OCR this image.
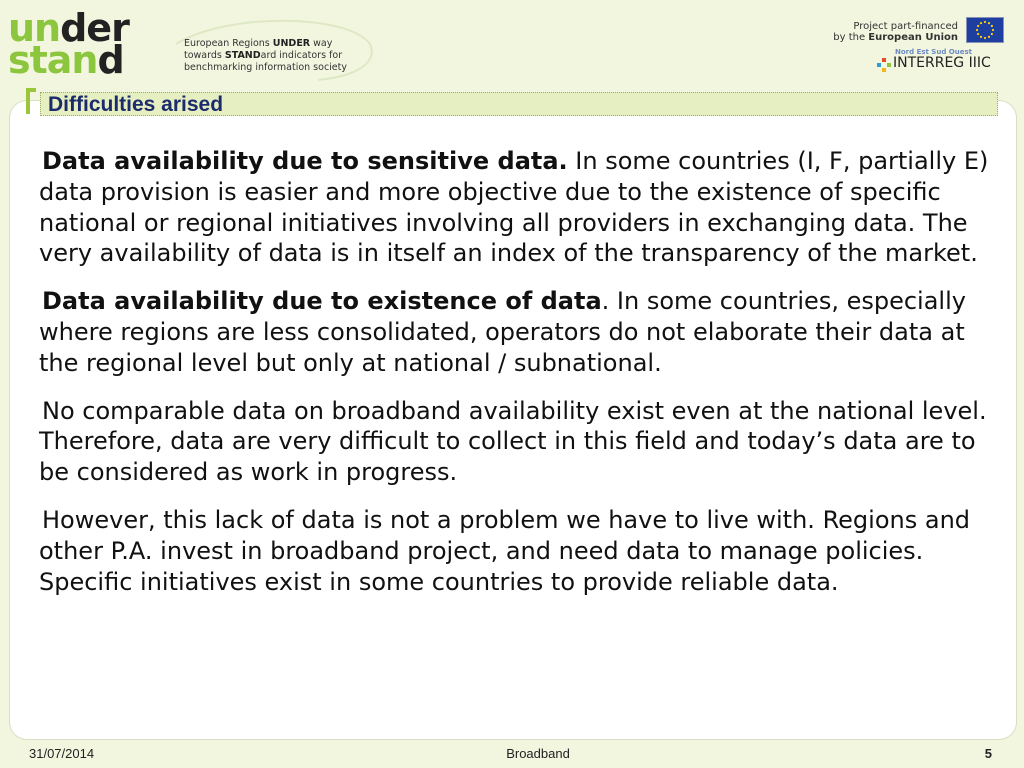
under
stand	European Regions UNDER way
towards STANDard indicators for
benchmarking information society
Project part-financed
by the European Union
Nord Est Sud Ouest
INTERREG IIIC
Difficulties arised

Data availability due to sensitive data. In some countries (I, F, partially E) data provision is easier and more objective due to the existence of specific national or regional initiatives involving all providers in exchanging data. The very availability of data is in itself an index of the transparency of the market.

Data availability due to existence of data. In some countries, especially where regions are less consolidated, operators do not elaborate their data at the regional level but only at national / subnational.

No comparable data on broadband availability exist even at the national level. Therefore, data are very difficult to collect in this field and today’s data are to be considered as work in progress.

However, this lack of data is not a problem we have to live with. Regions and other P.A. invest in broadband project, and need data to manage policies. Specific initiatives exist in some countries to provide reliable data.

31/07/2014	Broadband	5
